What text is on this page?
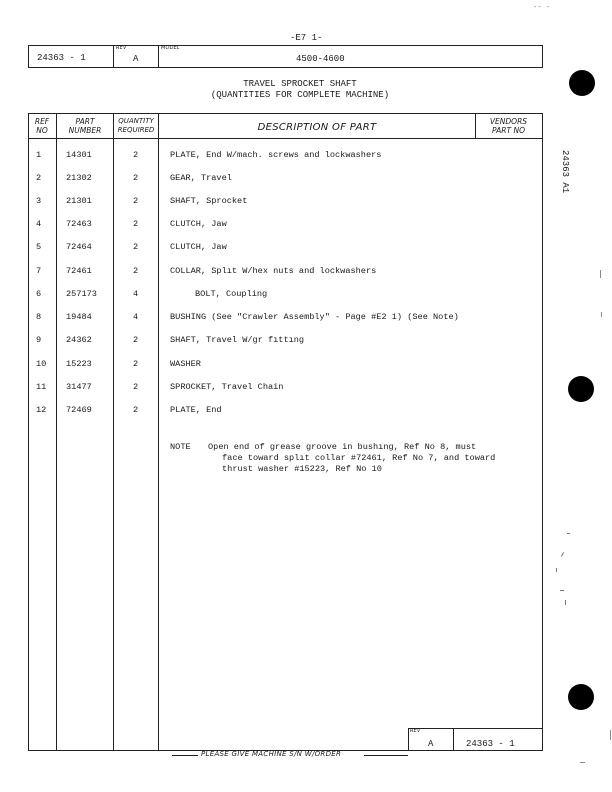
-E7 1-
-- -
24363 - 1
REV
A
MODEL
4500-4600
TRAVEL SPROCKET SHAFT
(QUANTITIES FOR COMPLETE MACHINE)
REF
NO
PART
NUMBER
QUANTITY
REQUIRED	DESCRIPTION OF PART
VENDORS
PART NO
1	14301	2	PLATE, End W/mach. screws and lockwashers
2	21302	2	GEAR, Travel
3	21301	2	SHAFT, Sprocket
4	72463	2	CLUTCH, Jaw
5	72464	2	CLUTCH, Jaw
7	72461	2	COLLAR, Splıt W/hex nuts and lockwashers
6	257173	4	BOLT, Coupling
8	19484	4	BUSHING (See "Crawler Assembly" - Page #E2 1) (See Note)
9	24362	2	SHAFT, Travel W/gr fıttıng
10 15223	2	WASHER
11 31477	2	SPROCKET, Travel Chain
12 72469	2	PLATE, End
NOTE Open end of grease groove in bushıng, Ref No 8, must
face toward splıt collar #72461, Ref No 7, and toward
thrust washer #15223, Ref No 10
REV
A	24363 - 1
PLEASE GIVE MACHINE S/N W/ORDER
24363 A1
